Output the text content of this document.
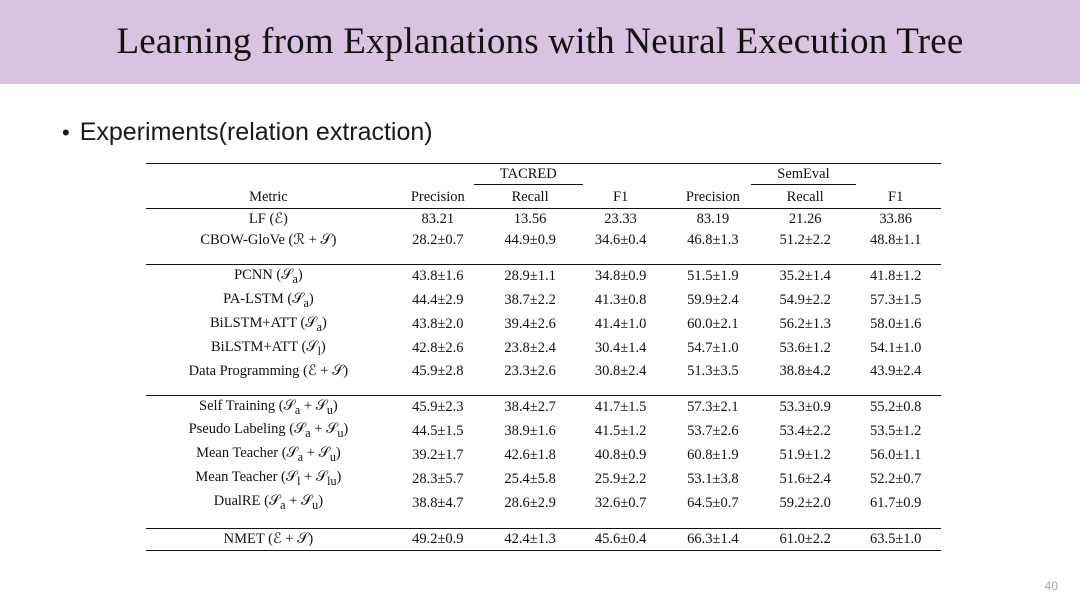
Learning from Explanations with Neural Execution Tree
• Experiments(relation extraction)
	TACRED			SemEval		
Metric	Precision	Recall	F1	Precision	Recall	F1
LF (ℰ)	83.21	13.56	23.33	83.19	21.26	33.86
CBOW-GloVe (ℛ + 𝒮)	28.2±0.7	44.9±0.9	34.6±0.4	46.8±1.3	51.2±2.2	48.8±1.1

PCNN (𝒮$_a$)	43.8±1.6	28.9±1.1	34.8±0.9	51.5±1.9	35.2±1.4	41.8±1.2
PA-LSTM (𝒮$_a$)	44.4±2.9	38.7±2.2	41.3±0.8	59.9±2.4	54.9±2.2	57.3±1.5
BiLSTM+ATT (𝒮$_a$)	43.8±2.0	39.4±2.6	41.4±1.0	60.0±2.1	56.2±1.3	58.0±1.6
BiLSTM+ATT (𝒮$_l$)	42.8±2.6	23.8±2.4	30.4±1.4	54.7±1.0	53.6±1.2	54.1±1.0
Data Programming (ℰ + 𝒮)	45.9±2.8	23.3±2.6	30.8±2.4	51.3±3.5	38.8±4.2	43.9±2.4

Self Training (𝒮$_a$ + 𝒮$_u$)	45.9±2.3	38.4±2.7	41.7±1.5	57.3±2.1	53.3±0.9	55.2±0.8
Pseudo Labeling (𝒮$_a$ + 𝒮$_u$)	44.5±1.5	38.9±1.6	41.5±1.2	53.7±2.6	53.4±2.2	53.5±1.2
Mean Teacher (𝒮$_a$ + 𝒮$_u$)	39.2±1.7	42.6±1.8	40.8±0.9	60.8±1.9	51.9±1.2	56.0±1.1
Mean Teacher (𝒮$_l$ + 𝒮$_{lu}$)	28.3±5.7	25.4±5.8	25.9±2.2	53.1±3.8	51.6±2.4	52.2±0.7
DualRE (𝒮$_a$ + 𝒮$_u$)	38.8±4.7	28.6±2.9	32.6±0.7	64.5±0.7	59.2±2.0	61.7±0.9

NMET (ℰ + 𝒮)	49.2±0.9	42.4±1.3	45.6±0.4	66.3±1.4	61.0±2.2	63.5±1.0

40
